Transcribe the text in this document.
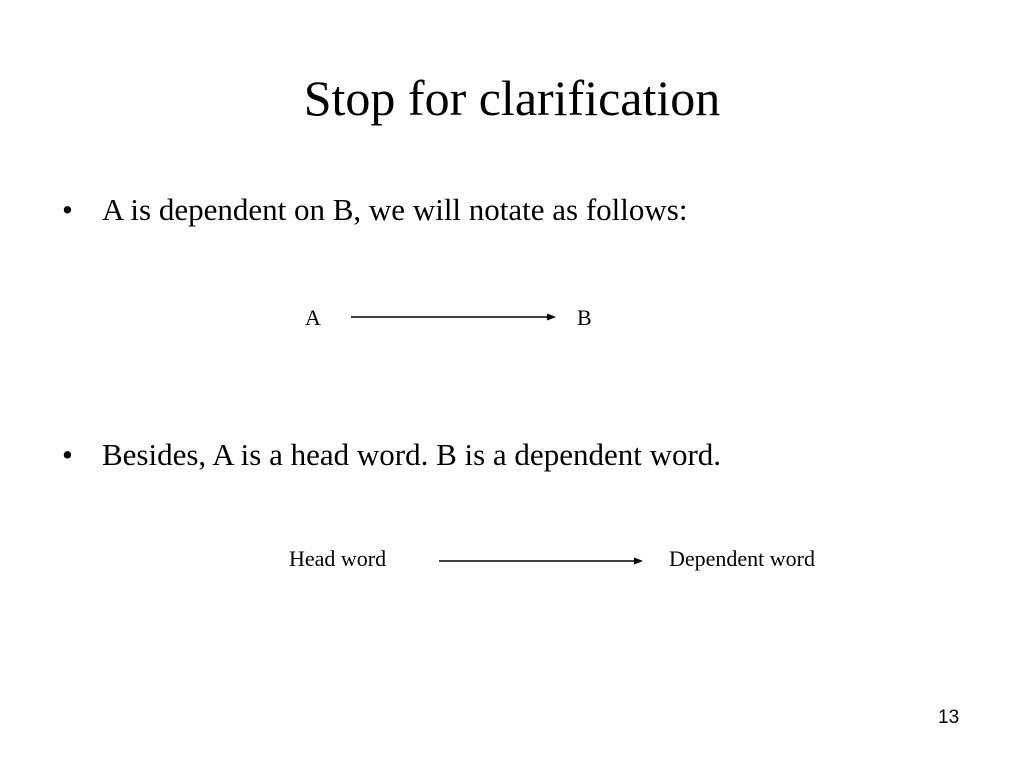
Stop for clarification
• A is dependent on B, we will notate as follows:
A	B
• Besides, A is a head word. B is a dependent word.
Head word	Dependent word
13
